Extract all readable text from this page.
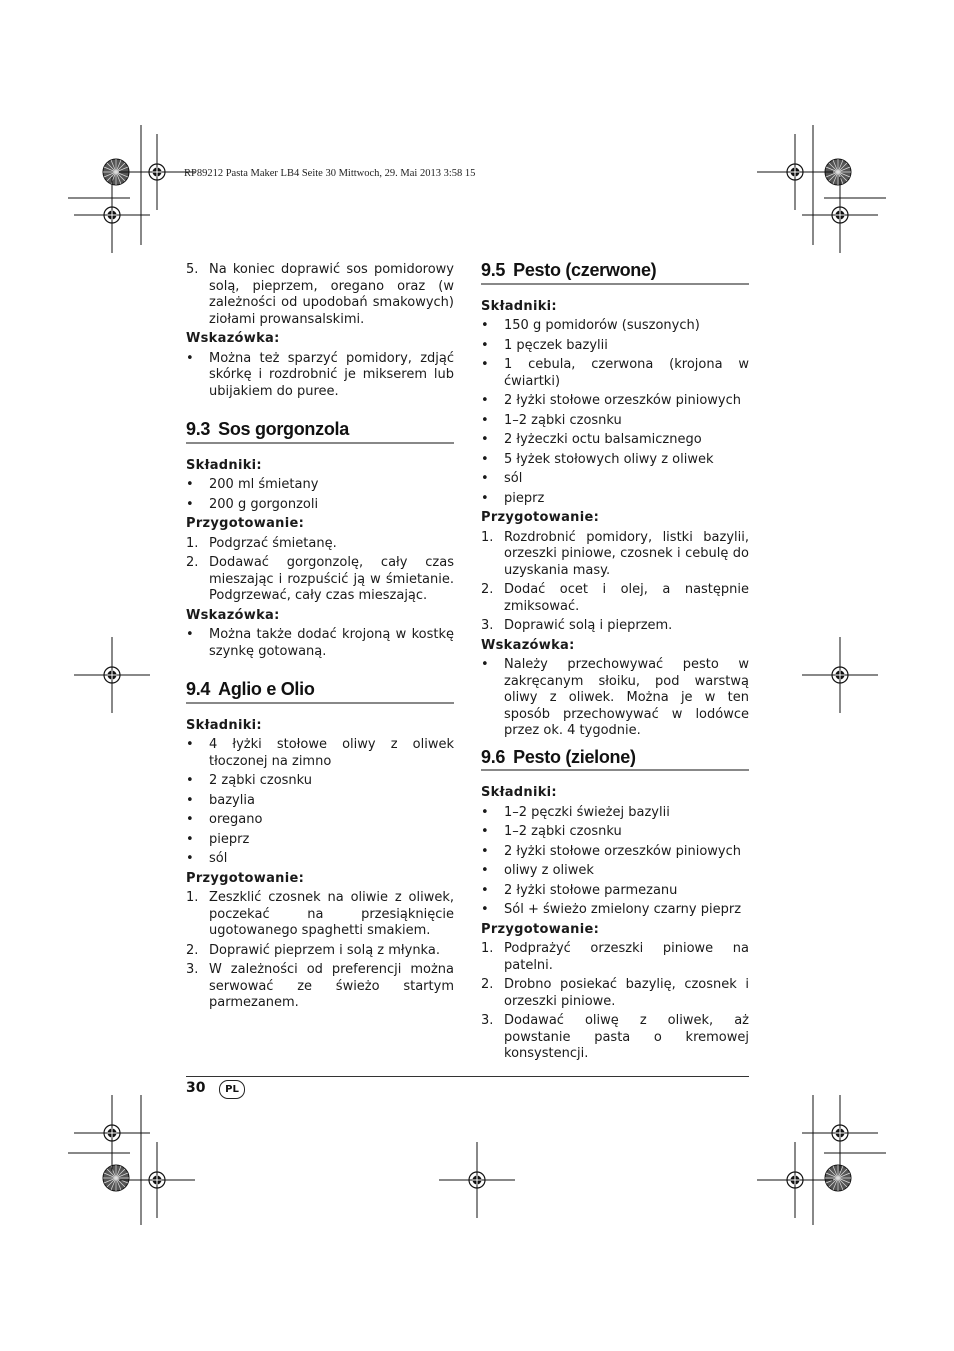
RP89212 Pasta Maker LB4 Seite 30 Mittwoch, 29. Mai 2013 3:58 15
5. Na koniec doprawić sos pomidorowy solą, pieprzem, oregano oraz (w zależności od upodobań smakowych) ziołami prowansalskimi.
Wskazówka:
• Można też sparzyć pomidory, zdjąć skórkę i rozdrobnić je mikserem lub ubijakiem do puree.
9.3 Sos gorgonzola
Składniki:
• 200 ml śmietany
• 200 g gorgonzoli
Przygotowanie:
1. Podgrzać śmietanę.
2. Dodawać gorgonzolę, cały czas mieszając i rozpuścić ją w śmietanie. Podgrzewać, cały czas mieszając.
Wskazówka:
• Można także dodać krojoną w kostkę szynkę gotowaną.
9.4 Aglio e Olio
Składniki:
• 4 łyżki stołowe oliwy z oliwek tłoczonej na zimno
• 2 ząbki czosnku
• bazylia
• oregano
• pieprz
• sól
Przygotowanie:
1. Zeszklić czosnek na oliwie z oliwek, poczekać na przesiąknięcie ugotowanego spaghetti smakiem.
2. Doprawić pieprzem i solą z młynka.
3. W zależności od preferencji można serwować ze świeżo startym parmezanem.
9.5 Pesto (czerwone)
Składniki:
• 150 g pomidorów (suszonych)
• 1 pęczek bazylii
• 1 cebula, czerwona (krojona w ćwiartki)
• 2 łyżki stołowe orzeszków piniowych
• 1–2 ząbki czosnku
• 2 łyżeczki octu balsamicznego
• 5 łyżek stołowych oliwy z oliwek
• sól
• pieprz
Przygotowanie:
1. Rozdrobnić pomidory, listki bazylii, orzeszki piniowe, czosnek i cebulę do uzyskania masy.
2. Dodać ocet i olej, a następnie zmiksować.
3. Doprawić solą i pieprzem.
Wskazówka:
• Należy przechowywać pesto w zakręcanym słoiku, pod warstwą oliwy z oliwek. Można je w ten sposób przechowywać w lodówce przez ok. 4 tygodnie.
9.6 Pesto (zielone)
Składniki:
• 1–2 pęczki świeżej bazylii
• 1–2 ząbki czosnku
• 2 łyżki stołowe orzeszków piniowych
• oliwy z oliwek
• 2 łyżki stołowe parmezanu
• Sól + świeżo zmielony czarny pieprz
Przygotowanie:
1. Podprażyć orzeszki piniowe na patelni.
2. Drobno posiekać bazylię, czosnek i orzeszki piniowe.
3. Dodawać oliwę z oliwek, aż powstanie pasta o kremowej konsystencji.
30	PL
